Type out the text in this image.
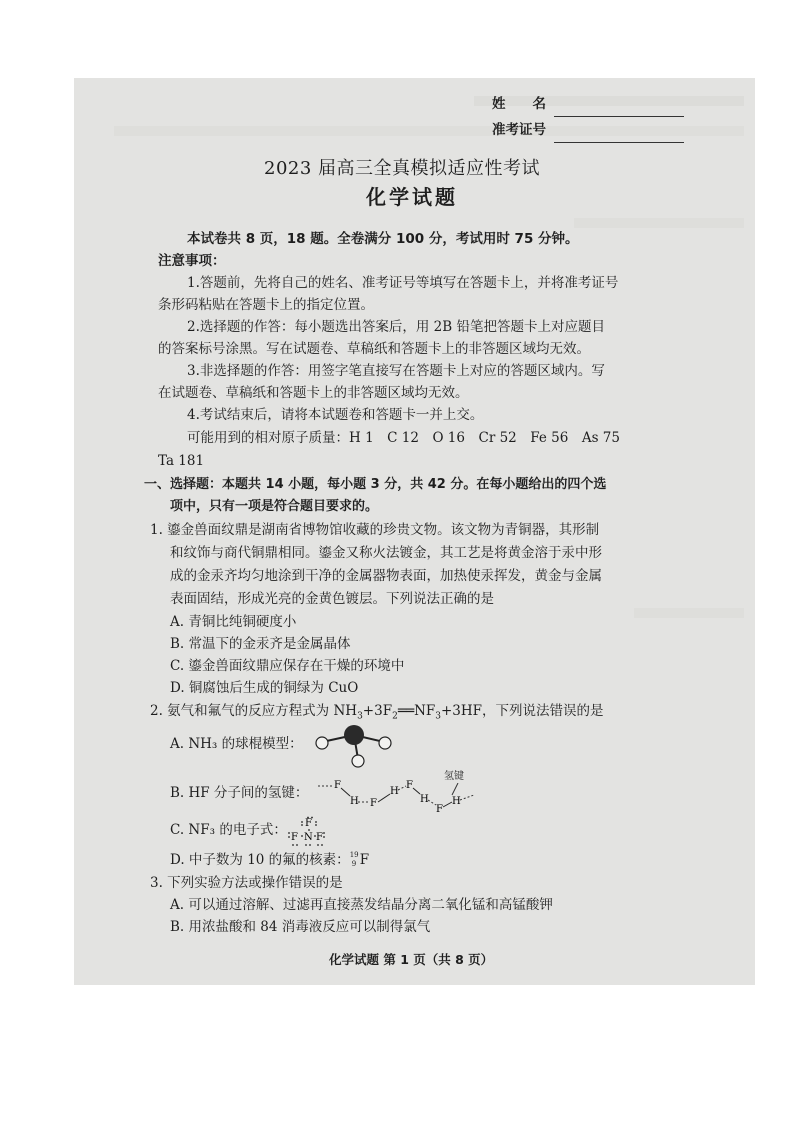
姓　　名
准考证号
2023 届高三全真模拟适应性考试
化学试题
本试卷共 8 页，18 题。全卷满分 100 分，考试用时 75 分钟。
注意事项：
1.答题前，先将自己的姓名、准考证号等填写在答题卡上，并将准考证号
条形码粘贴在答题卡上的指定位置。
2.选择题的作答：每小题选出答案后，用 2B 铅笔把答题卡上对应题目
的答案标号涂黑。写在试题卷、草稿纸和答题卡上的非答题区域均无效。
3.非选择题的作答：用签字笔直接写在答题卡上对应的答题区域内。写
在试题卷、草稿纸和答题卡上的非答题区域均无效。
4.考试结束后，请将本试题卷和答题卡一并上交。
可能用到的相对原子质量：H 1　C 12　O 16　Cr 52　Fe 56　As 75
Ta 181
一、选择题：本题共 14 小题，每小题 3 分，共 42 分。在每小题给出的四个选
项中，只有一项是符合题目要求的。
1. 鎏金兽面纹鼎是湖南省博物馆收藏的珍贵文物。该文物为青铜器，其形制
和纹饰与商代铜鼎相同。鎏金又称火法镀金，其工艺是将黄金溶于汞中形
成的金汞齐均匀地涂到干净的金属器物表面，加热使汞挥发，黄金与金属
表面固结，形成光亮的金黄色镀层。下列说法正确的是
A. 青铜比纯铜硬度小
B. 常温下的金汞齐是金属晶体
C. 鎏金兽面纹鼎应保存在干燥的环境中
D. 铜腐蚀后生成的铜绿为 CuO
2. 氨气和氟气的反应方程式为 $NH_3+3F_2══NF_3+3HF$，下列说法错误的是
A. NH₃ 的球棍模型：
B. HF 分子间的氢键：	F
H F
H
F
H
F
H
氢键
C. NF₃ 的电子式： F
F N F
D. 中子数为 10 的氟的核素： 19
9 F
3. 下列实验方法或操作错误的是
A. 可以通过溶解、过滤再直接蒸发结晶分离二氧化锰和高锰酸钾
B. 用浓盐酸和 84 消毒液反应可以制得氯气
化学试题 第 1 页（共 8 页）
